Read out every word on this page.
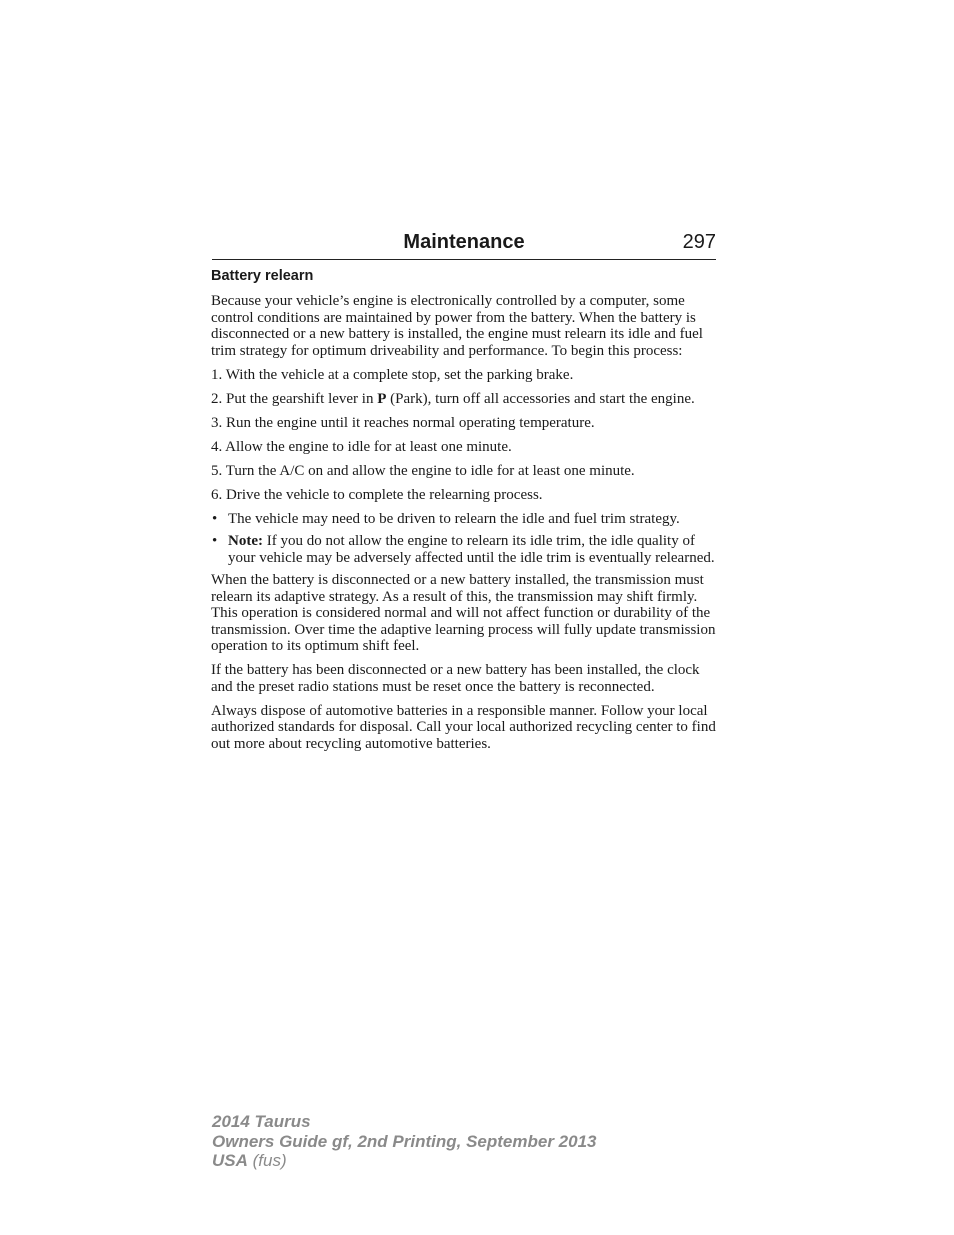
Maintenance	297
Battery relearn

Because your vehicle’s engine is electronically controlled by a computer, some control conditions are maintained by power from the battery. When the battery is disconnected or a new battery is installed, the engine must relearn its idle and fuel trim strategy for optimum driveability and performance. To begin this process:

1. With the vehicle at a complete stop, set the parking brake.
2. Put the gearshift lever in P (Park), turn off all accessories and start the engine.
3. Run the engine until it reaches normal operating temperature.
4. Allow the engine to idle for at least one minute.
5. Turn the A/C on and allow the engine to idle for at least one minute.
6. Drive the vehicle to complete the relearning process.
• The vehicle may need to be driven to relearn the idle and fuel trim strategy.
• Note: If you do not allow the engine to relearn its idle trim, the idle quality of your vehicle may be adversely affected until the idle trim is eventually relearned.

When the battery is disconnected or a new battery installed, the transmission must relearn its adaptive strategy. As a result of this, the transmission may shift firmly. This operation is considered normal and will not affect function or durability of the transmission. Over time the adaptive learning process will fully update transmission operation to its optimum shift feel.

If the battery has been disconnected or a new battery has been installed, the clock and the preset radio stations must be reset once the battery is reconnected.

Always dispose of automotive batteries in a responsible manner. Follow your local authorized standards for disposal. Call your local authorized recycling center to find out more about recycling automotive batteries.

2014 Taurus
Owners Guide gf, 2nd Printing, September 2013
USA (fus)
